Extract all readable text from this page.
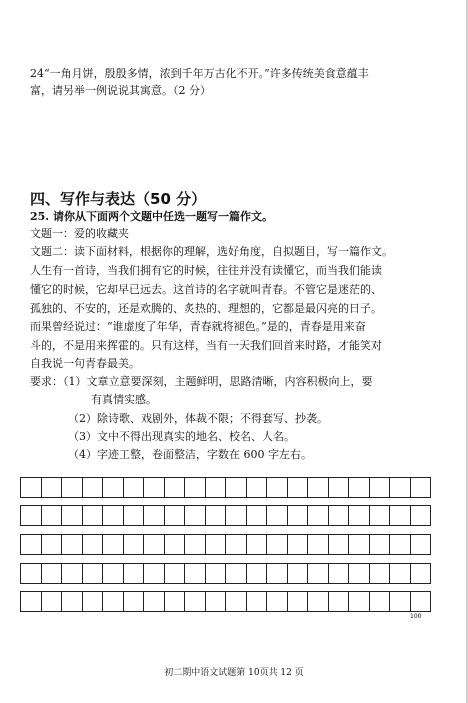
24“一角月饼，殷殷多情，浓到千年万古化不开。”许多传统美食意蕴丰
富，请另举一例说说其寓意。（2 分）
四、写作与表达（50 分）
25. 请你从下面两个文题中任选一题写一篇作文。
文题一：爱的收藏夹
文题二：读下面材料，根据你的理解，选好角度，自拟题目，写一篇作文。
人生有一首诗，当我们拥有它的时候，往往并没有读懂它，而当我们能读
懂它的时候，它却早已远去。这首诗的名字就叫青春。不管它是迷茫的、
孤独的、不安的，还是欢腾的、炙热的、理想的，它都是最闪亮的日子。
而果曾经说过：“谁虚度了年华，青春就将褪色。”是的，青春是用来奋
斗的，不是用来挥霍的。只有这样，当有一天我们回首来时路，才能笑对
自我说一句青春最美。
要求：（1）文章立意要深刻，主题鲜明，思路清晰，内容积极向上，要
有真情实感。
（2）除诗歌、戏剧外，体裁不限；不得套写、抄袭。
（3）文中不得出现真实的地名、校名、人名。
（4）字迹工整，卷面整洁，字数在 600 字左右。
100
初二期中语文试题第 10页共 12 页
